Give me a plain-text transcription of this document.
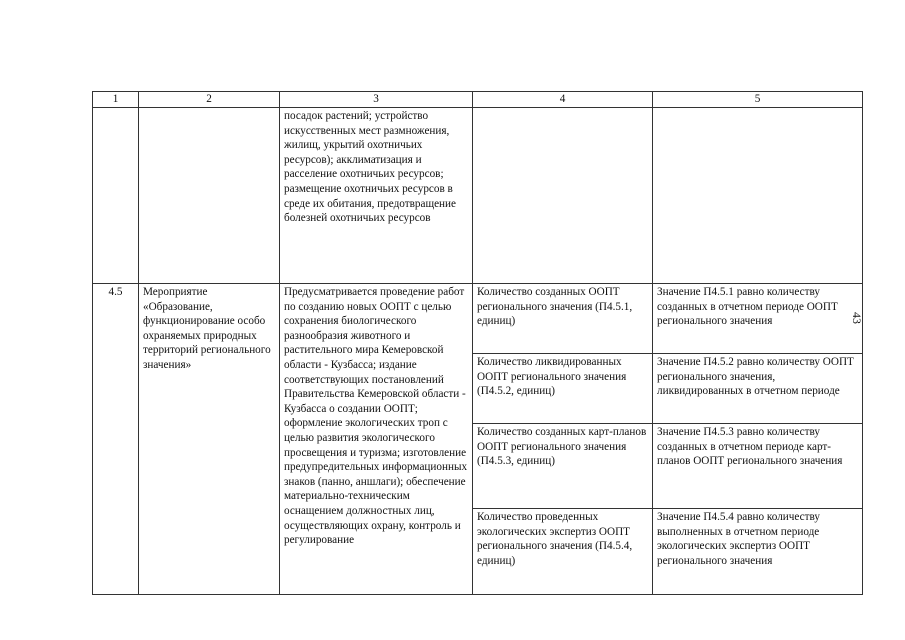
1	2	3	4	5
		посадок растений; устройство искусственных мест размножения, жилищ, укрытий охотничьих ресурсов); акклиматизация и расселение охотничьих ресурсов; размещение охотничьих ресурсов в среде их обитания, предотвращение болезней охотничьих ресурсов		
4.5	Мероприятие «Образование, функционирование особо охраняемых природных территорий регионального значения»	Предусматривается проведение работ по созданию новых ООПТ с целью сохранения биологического разнообразия животного и растительного мира Кемеровской области - Кузбасса; издание соответствующих постановлений Правительства Кемеровской области - Кузбасса о создании ООПТ; оформление экологических троп с целью развития экологического просвещения и туризма; изготовление предупредительных информационных знаков (панно, аншлаги); обеспечение материально-техническим оснащением должностных лиц, осуществляющих охрану, контроль и регулирование	Количество созданных ООПТ регионального значения (П4.5.1, единиц)	Значение П4.5.1 равно количеству созданных в отчетном периоде ООПТ регионального значения
			Количество ликвидированных ООПТ регионального значения (П4.5.2, единиц)	Значение П4.5.2 равно количеству ООПТ регионального значения, ликвидированных в отчетном периоде
			Количество созданных карт-планов ООПТ регионального значения (П4.5.3, единиц)	Значение П4.5.3 равно количеству созданных в отчетном периоде карт-планов ООПТ регионального значения
			Количество проведенных экологических экспертиз ООПТ регионального значения (П4.5.4, единиц)	Значение П4.5.4 равно количеству выполненных в отчетном периоде экологических экспертиз ООПТ регионального значения
43
